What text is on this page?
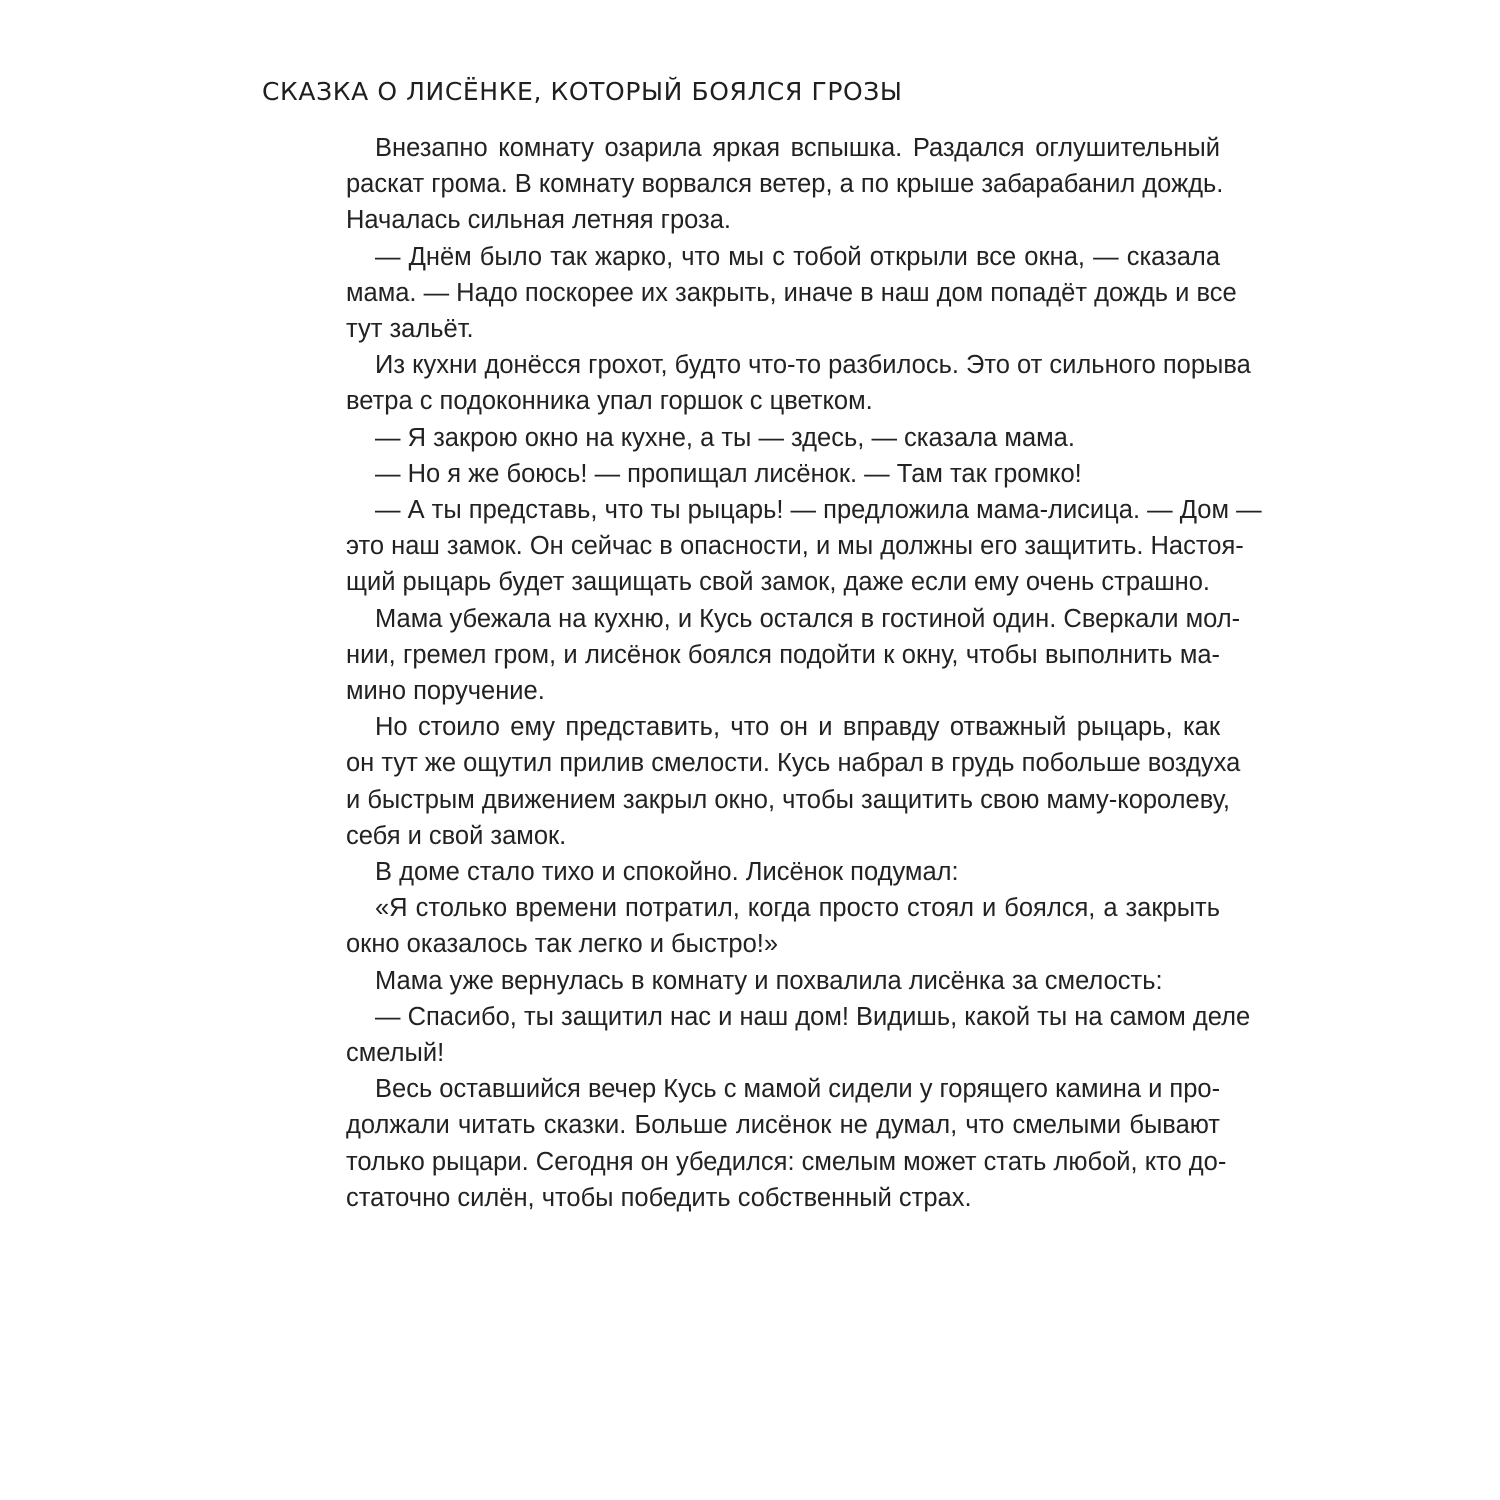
СКАЗКА О ЛИСЁНКЕ, КОТОРЫЙ БОЯЛСЯ ГРОЗЫ
Внезапно комнату озарила яркая вспышка. Раздался оглушительный
раскат грома. В комнату ворвался ветер, а по крыше забарабанил дождь.
Началась сильная летняя гроза.
— Днём было так жарко, что мы с тобой открыли все окна, — сказала
мама. — Надо поскорее их закрыть, иначе в наш дом попадёт дождь и все
тут зальёт.
Из кухни донёсся грохот, будто что-то разбилось. Это от сильного порыва
ветра с подоконника упал горшок с цветком.
— Я закрою окно на кухне, а ты — здесь, — сказала мама.
— Но я же боюсь! — пропищал лисёнок. — Там так громко!
— А ты представь, что ты рыцарь! — предложила мама-лисица. — Дом —
это наш замок. Он сейчас в опасности, и мы должны его защитить. Настоя-
щий рыцарь будет защищать свой замок, даже если ему очень страшно.
Мама убежала на кухню, и Кусь остался в гостиной один. Сверкали мол-
нии, гремел гром, и лисёнок боялся подойти к окну, чтобы выполнить ма-
мино поручение.
Но стоило ему представить, что он и вправду отважный рыцарь, как
он тут же ощутил прилив смелости. Кусь набрал в грудь побольше воздуха
и быстрым движением закрыл окно, чтобы защитить свою маму-королеву,
себя и свой замок.
В доме стало тихо и спокойно. Лисёнок подумал:
«Я столько времени потратил, когда просто стоял и боялся, а закрыть
окно оказалось так легко и быстро!»
Мама уже вернулась в комнату и похвалила лисёнка за смелость:
— Спасибо, ты защитил нас и наш дом! Видишь, какой ты на самом деле
смелый!
Весь оставшийся вечер Кусь с мамой сидели у горящего камина и про-
должали читать сказки. Больше лисёнок не думал, что смелыми бывают
только рыцари. Сегодня он убедился: смелым может стать любой, кто до-
статочно силён, чтобы победить собственный страх.
